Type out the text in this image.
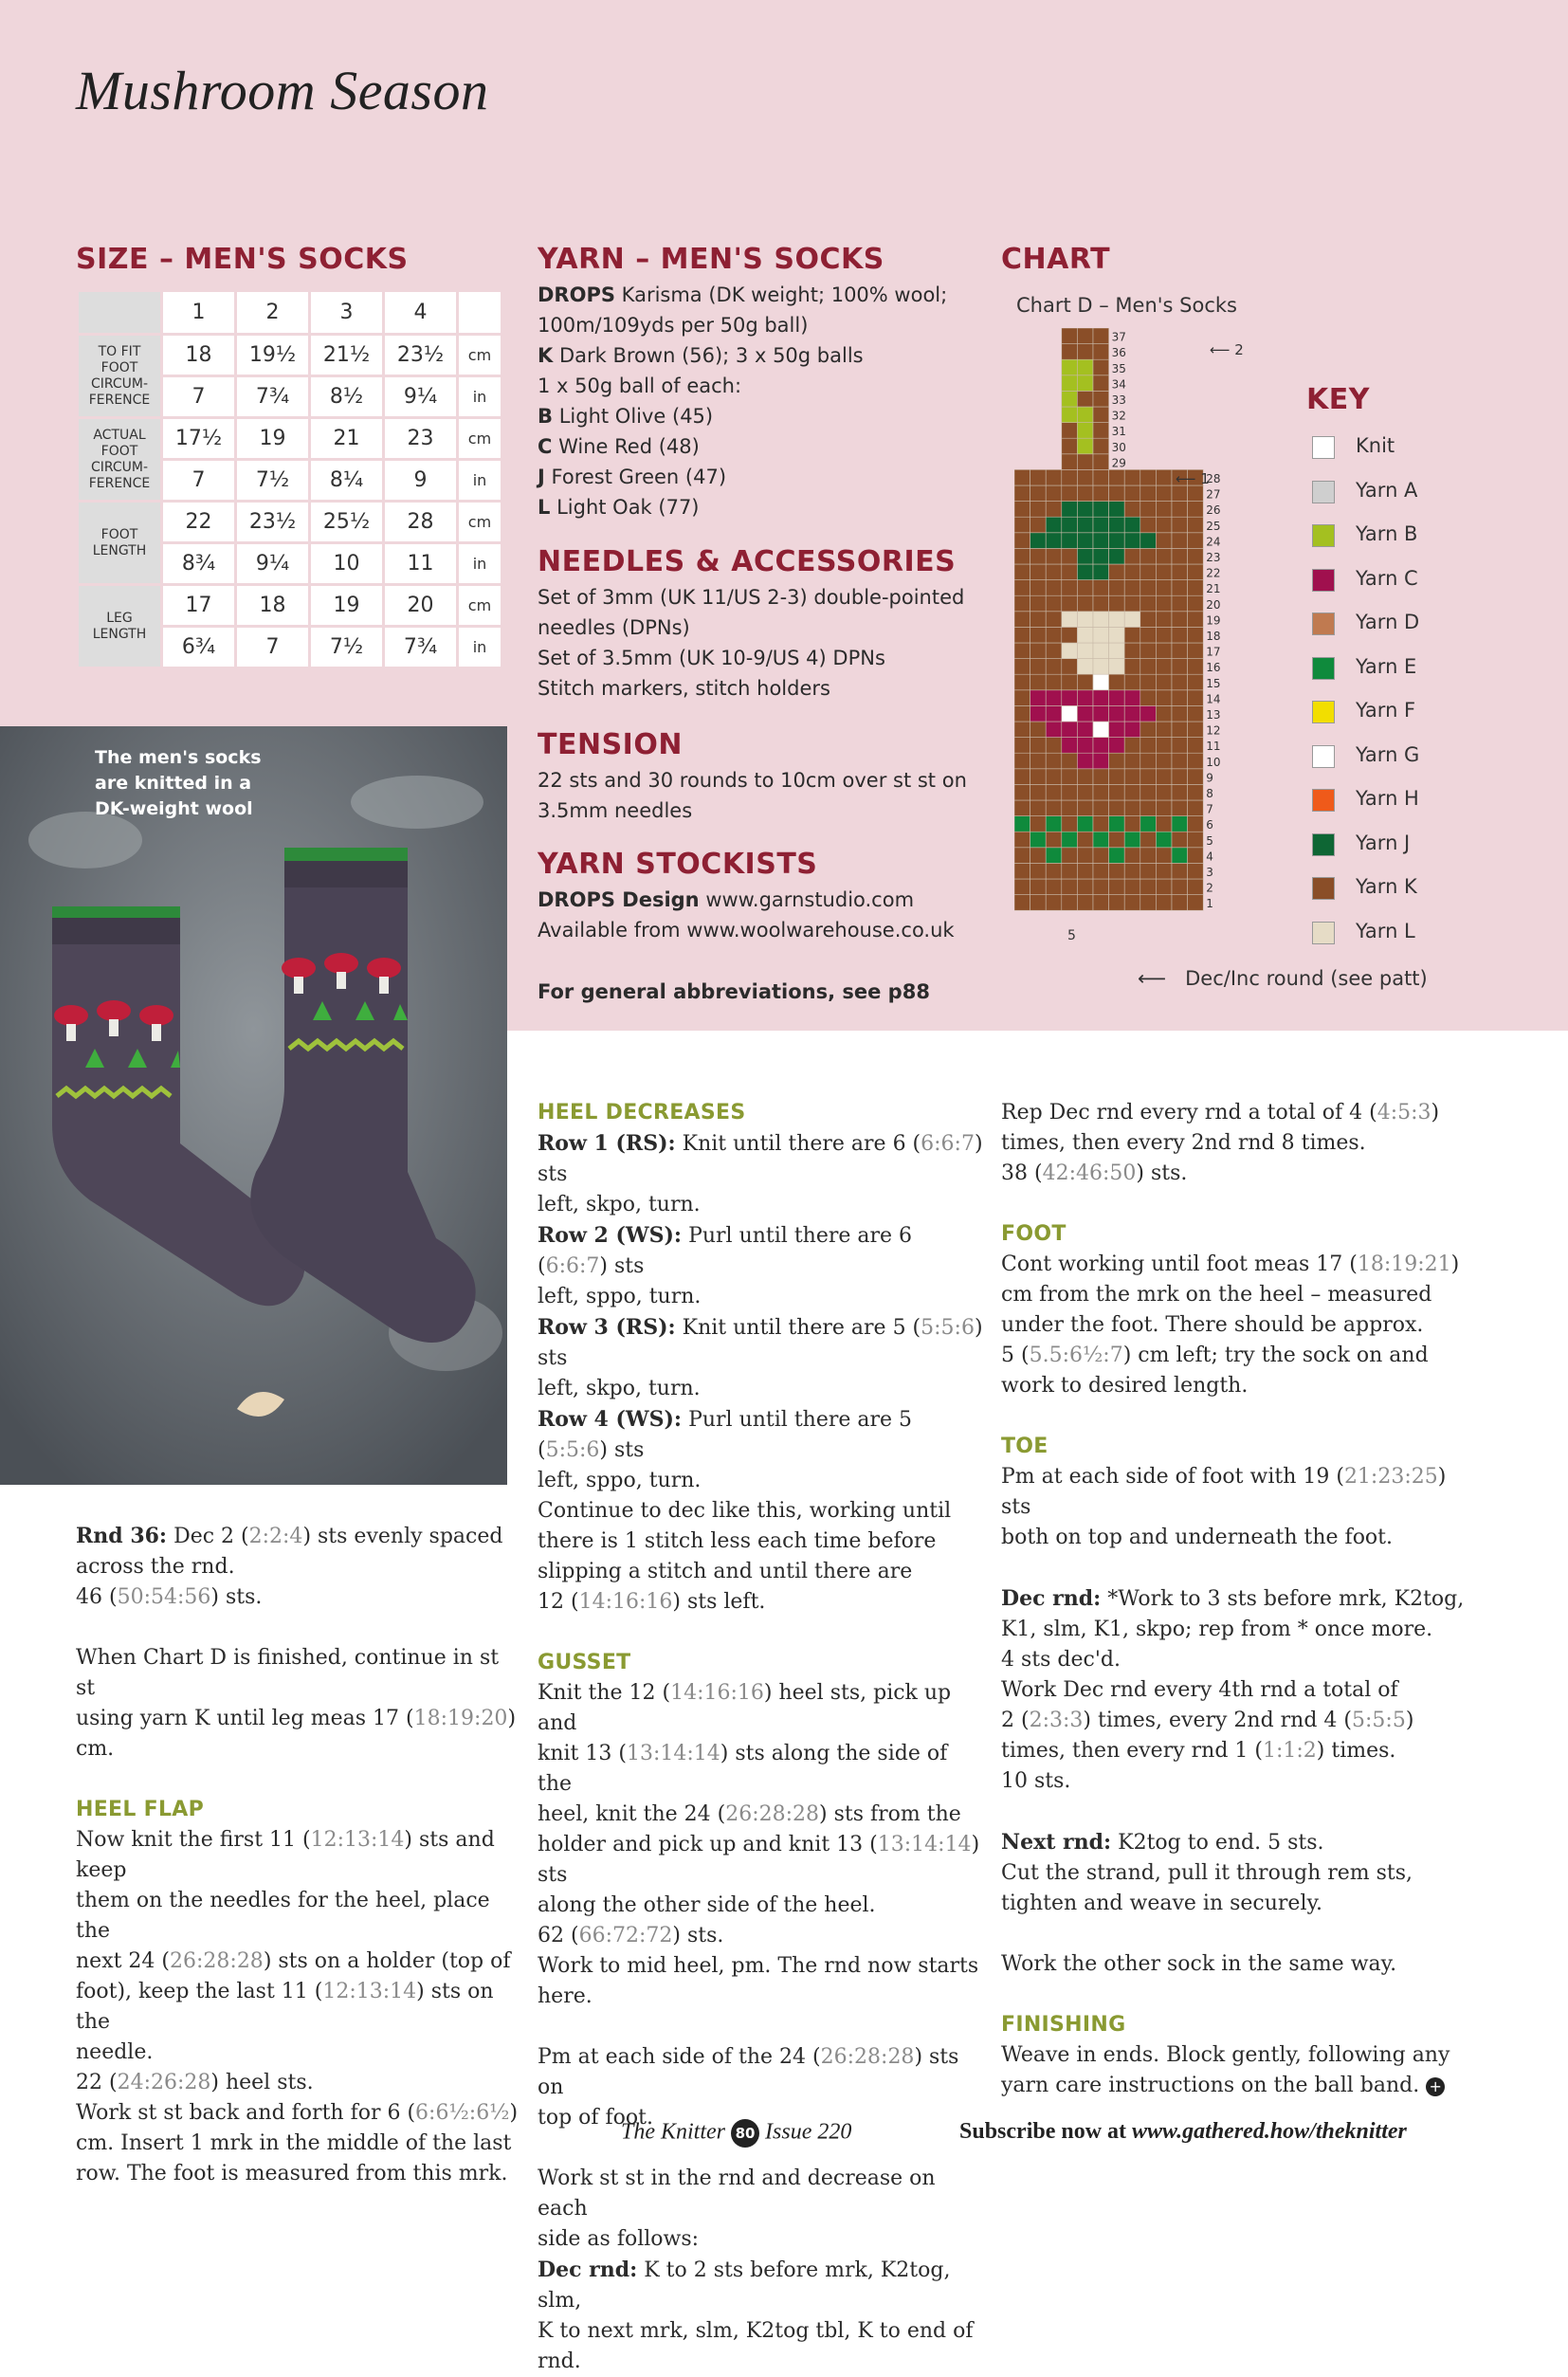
Mushroom Season
SIZE – MEN'S SOCKS
	1	2	3	4	
TO FIT FOOT CIRCUM- FERENCE	18	19½	21½	23½	cm
	7	7¾	8½	9¼	in
ACTUAL FOOT CIRCUM- FERENCE	17½	19	21	23	cm
	7	7½	8¼	9	in
FOOT LENGTH	22	23½	25½	28	cm
	8¾	9¼	10	11	in
LEG LENGTH	17	18	19	20	cm
	6¾	7	7½	7¾	in
YARN – MEN'S SOCKS
DROPS Karisma (DK weight; 100% wool;
100m/109yds per 50g ball)
K Dark Brown (56); 3 x 50g balls
1 x 50g ball of each:
B Light Olive (45)
C Wine Red (48)
J Forest Green (47)
L Light Oak (77)
NEEDLES & ACCESSORIES
Set of 3mm (UK 11/US 2-3) double-pointed
needles (DPNs)
Set of 3.5mm (UK 10-9/US 4) DPNs
Stitch markers, stitch holders
TENSION
22 sts and 30 rounds to 10cm over st st on
3.5mm needles
YARN STOCKISTS
DROPS Design www.garnstudio.com
Available from www.woolwarehouse.co.uk
For general abbreviations, see p88
CHART
Chart D – Men's Socks
1
2
3
4
5
6
7
8
9
10
11
12
13
14
15
16
17
18
19
20
21
22
23
24
25
26
27
28
29
30
31
32
33
34
35
36
37
⟵ 2
⟵ 1
5
KEY
Knit
Yarn A
Yarn B
Yarn C
Yarn D
Yarn E
Yarn F
Yarn G
Yarn H
Yarn J
Yarn K
Yarn L
⟵ Dec/Inc round (see patt)
The men's socks
are knitted in a
DK-weight wool

Rnd 36: Dec 2 (2:2:4) sts evenly spaced

across the rnd.

46 (50:54:56) sts.

When Chart D is finished, continue in st st

using yarn K until leg meas 17 (18:19:20)

cm.

HEEL FLAP

Now knit the first 11 (12:13:14) sts and keep

them on the needles for the heel, place the

next 24 (26:28:28) sts on a holder (top of

foot), keep the last 11 (12:13:14) sts on the

needle.

22 (24:26:28) heel sts.

Work st st back and forth for 6 (6:6½:6½)

cm. Insert 1 mrk in the middle of the last

row. The foot is measured from this mrk.

HEEL DECREASES

Row 1 (RS): Knit until there are 6 (6:6:7) sts

left, skpo, turn.

Row 2 (WS): Purl until there are 6 (6:6:7) sts

left, sppo, turn.

Row 3 (RS): Knit until there are 5 (5:5:6) sts

left, skpo, turn.

Row 4 (WS): Purl until there are 5 (5:5:6) sts

left, sppo, turn.

Continue to dec like this, working until

there is 1 stitch less each time before

slipping a stitch and until there are

12 (14:16:16) sts left.

GUSSET

Knit the 12 (14:16:16) heel sts, pick up and

knit 13 (13:14:14) sts along the side of the

heel, knit the 24 (26:28:28) sts from the

holder and pick up and knit 13 (13:14:14) sts

along the other side of the heel.

62 (66:72:72) sts.

Work to mid heel, pm. The rnd now starts

here.

Pm at each side of the 24 (26:28:28) sts on

top of foot.

Work st st in the rnd and decrease on each

side as follows:

Dec rnd: K to 2 sts before mrk, K2tog, slm,

K to next mrk, slm, K2tog tbl, K to end of

rnd.

Rep Dec rnd every rnd a total of 4 (4:5:3)

times, then every 2nd rnd 8 times.

38 (42:46:50) sts.

FOOT

Cont working until foot meas 17 (18:19:21)

cm from the mrk on the heel – measured

under the foot. There should be approx.

5 (5.5:6½:7) cm left; try the sock on and

work to desired length.

TOE

Pm at each side of foot with 19 (21:23:25) sts

both on top and underneath the foot.

Dec rnd: *Work to 3 sts before mrk, K2tog,

K1, slm, K1, skpo; rep from * once more.

4 sts dec'd.

Work Dec rnd every 4th rnd a total of

2 (2:3:3) times, every 2nd rnd 4 (5:5:5)

times, then every rnd 1 (1:1:2) times.

10 sts.

Next rnd: K2tog to end. 5 sts.

Cut the strand, pull it through rem sts,

tighten and weave in securely.

Work the other sock in the same way.

FINISHING

Weave in ends. Block gently, following any

yarn care instructions on the ball band. +

The Knitter 80 Issue 220	Subscribe now at www.gathered.how/theknitter
